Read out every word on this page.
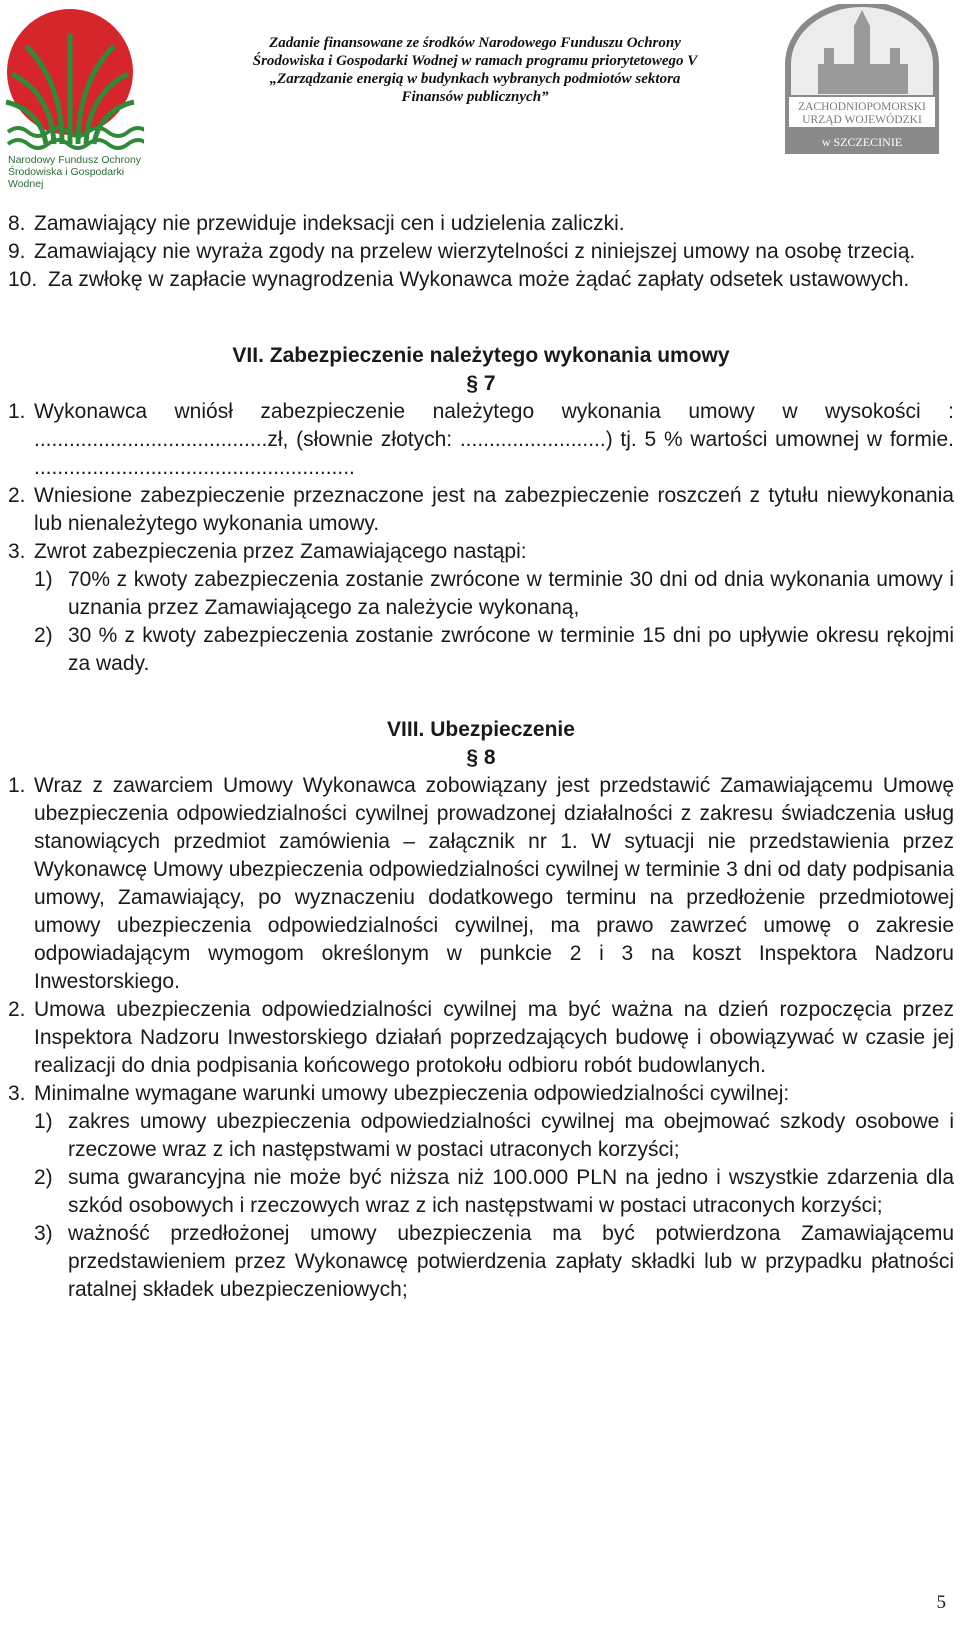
Narodowy Fundusz Ochrony
Środowiska i Gospodarki Wodnej
Zadanie finansowane ze środków Narodowego Funduszu Ochrony
Środowiska i Gospodarki Wodnej w ramach programu priorytetowego V
„Zarządzanie energią w budynkach wybranych podmiotów sektora
Finansów publicznych”
ZACHODNIOPOMORSKI
URZĄD WOJEWÓDZKI
w SZCZECINIE
8. Zamawiający nie przewiduje indeksacji cen i udzielenia zaliczki.
9. Zamawiający nie wyraża zgody na przelew wierzytelności z niniejszej umowy na osobę trzecią.
10. Za zwłokę w zapłacie wynagrodzenia Wykonawca może żądać zapłaty odsetek ustawowych.
VII. Zabezpieczenie należytego wykonania umowy
§ 7
1. Wykonawca wniósł zabezpieczenie należytego wykonania umowy w wysokości : ........................................zł, (słownie złotych: .........................) tj. 5 % wartości umownej w formie. .......................................................
2. Wniesione zabezpieczenie przeznaczone jest na zabezpieczenie roszczeń z tytułu niewykonania lub nienależytego wykonania umowy.
3. Zwrot zabezpieczenia przez Zamawiającego nastąpi:
1) 70% z kwoty zabezpieczenia zostanie zwrócone w terminie 30 dni od dnia wykonania umowy i uznania przez Zamawiającego za należycie wykonaną,
2) 30 % z kwoty zabezpieczenia zostanie zwrócone w terminie 15 dni po upływie okresu rękojmi za wady.
VIII. Ubezpieczenie
§ 8
1. Wraz z zawarciem Umowy Wykonawca zobowiązany jest przedstawić Zamawiającemu Umowę ubezpieczenia odpowiedzialności cywilnej prowadzonej działalności z zakresu świadczenia usług stanowiących przedmiot zamówienia – załącznik nr 1. W sytuacji nie przedstawienia przez Wykonawcę Umowy ubezpieczenia odpowiedzialności cywilnej w terminie 3 dni od daty podpisania umowy, Zamawiający, po wyznaczeniu dodatkowego terminu na przedłożenie przedmiotowej umowy ubezpieczenia odpowiedzialności cywilnej, ma prawo zawrzeć umowę o zakresie odpowiadającym wymogom określonym w punkcie 2 i 3 na koszt Inspektora Nadzoru Inwestorskiego.
2. Umowa ubezpieczenia odpowiedzialności cywilnej ma być ważna na dzień rozpoczęcia przez Inspektora Nadzoru Inwestorskiego działań poprzedzających budowę i obowiązywać w czasie jej realizacji do dnia podpisania końcowego protokołu odbioru robót budowlanych.
3. Minimalne wymagane warunki umowy ubezpieczenia odpowiedzialności cywilnej:
1) zakres umowy ubezpieczenia odpowiedzialności cywilnej ma obejmować szkody osobowe i rzeczowe wraz z ich następstwami w postaci utraconych korzyści;
2) suma gwarancyjna nie może być niższa niż 100.000 PLN na jedno i wszystkie zdarzenia dla szkód osobowych i rzeczowych wraz z ich następstwami w postaci utraconych korzyści;
3) ważność przedłożonej umowy ubezpieczenia ma być potwierdzona Zamawiającemu przedstawieniem przez Wykonawcę potwierdzenia zapłaty składki lub w przypadku płatności ratalnej składek ubezpieczeniowych;
5
